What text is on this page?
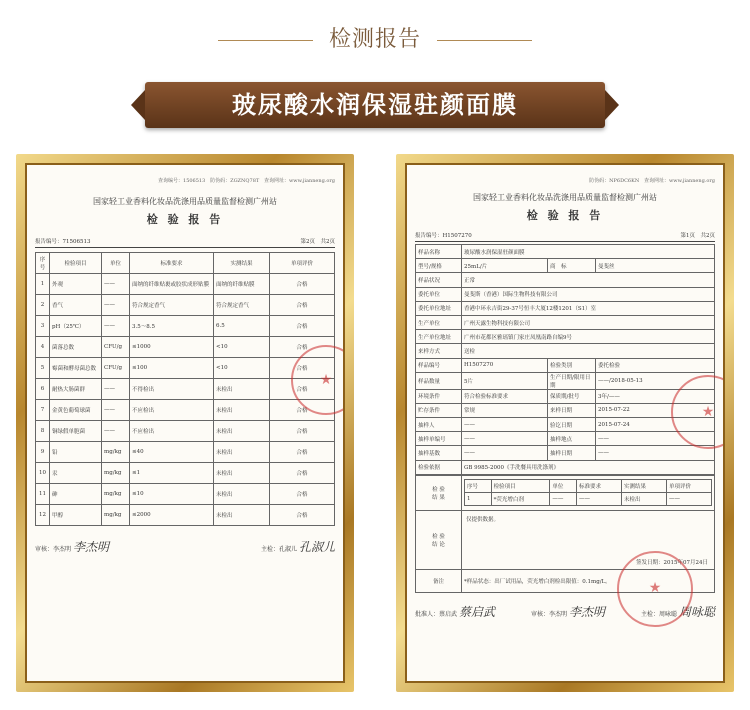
检测报告
玻尿酸水润保湿驻颜面膜
查询编号：1506513 防伪码：ZGZNQ78T 查询网址：www.jianneng.org
国家轻工业香料化妆品洗涤用品质量监督检测广州站
检 验 报 告
报告编号：71506513	第2页　共2页
序号	检验项目	单位	标准要求	实测结果	单项评价
1	外观	——	面纳的纤维贴裹或胶状成形贴膜	面纳的纤维贴膜	合格
2	香气	——	符合规定香气	符合规定香气	合格
3	pH（25℃）	——	3.5～8.5	6.5	合格
4	菌落总数	CFU/g	≤1000	<10	合格
5	霉菌和酵母菌总数	CFU/g	≤100	<10	合格
6	耐热大肠菌群	——	不得检出	未检出	合格
7	金黄色葡萄球菌	——	不应检出	未检出	合格
8	铜绿假单胞菌	——	不应检出	未检出	合格
9	铅	mg/kg	≤40	未检出	合格
10	汞	mg/kg	≤1	未检出	合格
11	砷	mg/kg	≤10	未检出	合格
12	甲醇	mg/kg	≤2000	未检出	合格
审核：李杰明 李杰明	主检：孔淑儿 孔淑儿
★
防伪码：NP6DC6KN 查询网址：www.jianneng.org
国家轻工业香料化妆品洗涤用品质量监督检测广州站
检 验 报 告
报告编号：H1507270	第1页　共2页
样品名称	玻尿酸水润保湿驻颜面膜		
型号/规格	25mL/片	商　标	曼斐丝
样品状况	正常		
委托单位	曼斐斯（香港）国际生物科技有限公司		
委托单位地址	香港中环永吉街29-37号恒丰大厦12楼1201（S1）室		
生产单位	广州天露生物科技有限公司		
生产单位地址	广州市花都区雅瑶镇门家庄凤凰南路自编9号		
来样方式	送检		
样品编号	H1507270	检验类别	委托检验
样品数量	5片	生产日期/限用日期	——/2018-05-13
环境条件	符合检验标准要求	保质期/批号	3年/——
贮存条件	常规	来样日期	2015-07-22
抽样人	——	验讫日期	2015-07-24
抽样单编号	——	抽样地点	——
抽样基数	——	抽样日期	——
检验依据	GB 9985-2000《手洗餐具用洗涤剂》		
检 验
结 果	
序号	检验项目	单位	标准要求	实测结果	单项评价
1	*荧光增白剂	——	——	未检出	——

检 验
结 论	
仅提供数据。
签发日期：2015年07月24日

备注	*样品状态：出厂试用品，荧光增白剂检出限值：0.1mg/L。
批准人：蔡启武 蔡启武	审核：李杰明 李杰明	主检：周咏聪 周咏聪
★
★
